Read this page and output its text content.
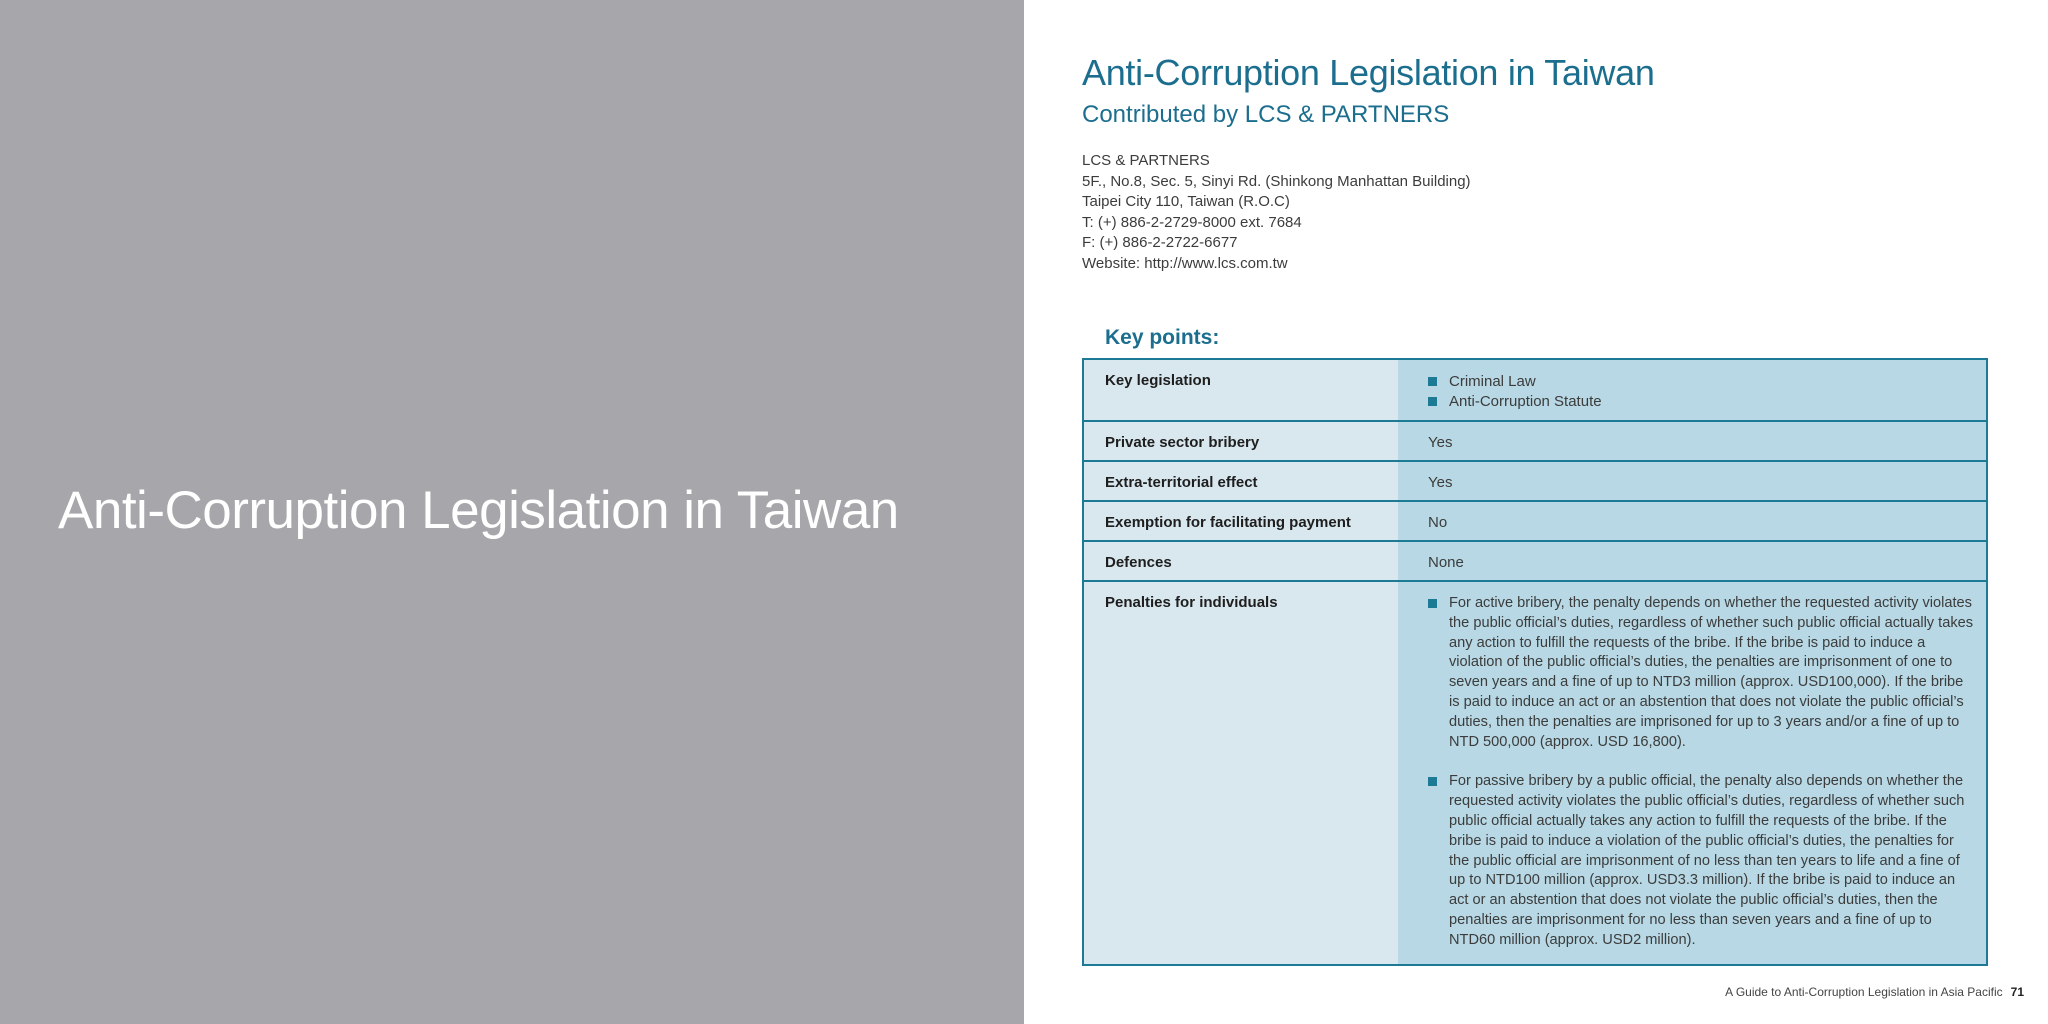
Anti-Corruption Legislation in Taiwan
Anti-Corruption Legislation in Taiwan
Contributed by LCS & PARTNERS
LCS & PARTNERS
5F., No.8, Sec. 5, Sinyi Rd. (Shinkong Manhattan Building)
Taipei City 110, Taiwan (R.O.C)
T: (+) 886-2-2729-8000 ext. 7684
F: (+) 886-2-2722-6677
Website: http://www.lcs.com.tw
Key points:
Key legislation	Criminal Law
Anti-Corruption Statute
Private sector bribery	Yes
Extra-territorial effect	Yes
Exemption for facilitating payment	No
Defences	None
Penalties for individuals	For active bribery, the penalty depends on whether the requested activity violates the public official’s duties, regardless of whether such public official actually takes any action to fulfill the requests of the bribe. If the bribe is paid to induce a violation of the public official’s duties, the penalties are imprisonment of one to seven years and a fine of up to NTD3 million (approx. USD100,000). If the bribe is paid to induce an act or an abstention that does not violate the public official’s duties, then the penalties are imprisoned for up to 3 years and/or a fine of up to NTD 500,000 (approx. USD 16,800).
For passive bribery by a public official, the penalty also depends on whether the requested activity violates the public official’s duties, regardless of whether such public official actually takes any action to fulfill the requests of the bribe. If the bribe is paid to induce a violation of the public official’s duties, the penalties for the public official are imprisonment of no less than ten years to life and a fine of up to NTD100 million (approx. USD3.3 million). If the bribe is paid to induce an act or an abstention that does not violate the public official’s duties, then the penalties are imprisonment for no less than seven years and a fine of up to NTD60 million (approx. USD2 million).
A Guide to Anti-Corruption Legislation in Asia Pacific 71
